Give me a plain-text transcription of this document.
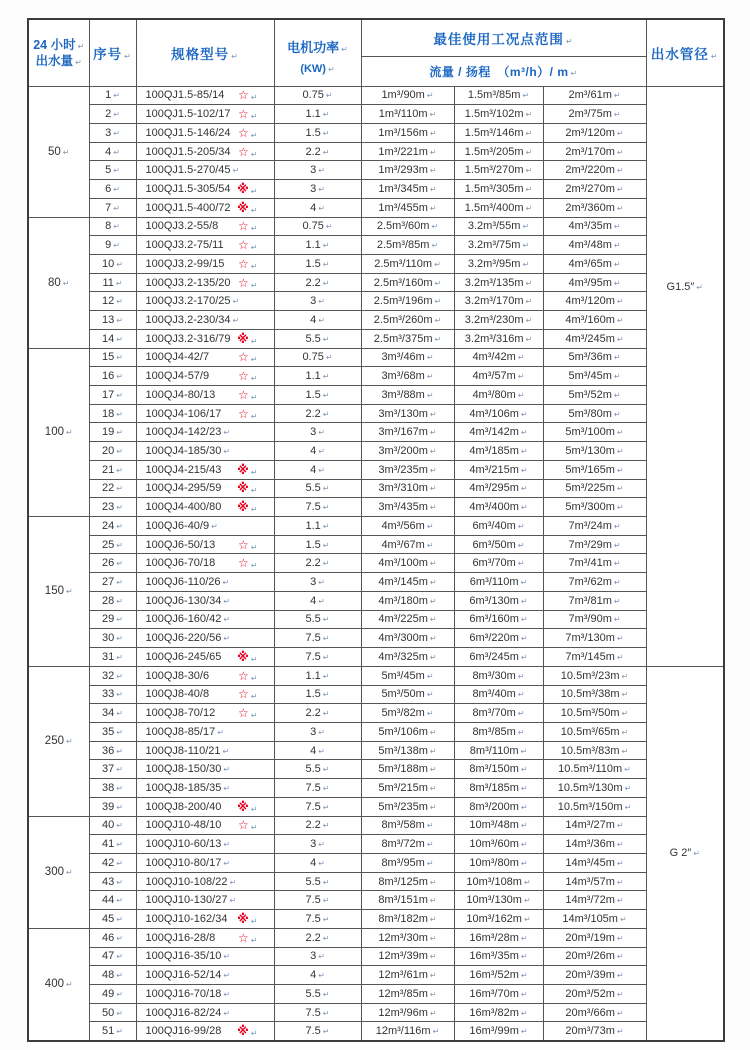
24 小时 ↵
出水量 ↵	序号 ↵	规格型号 ↵	电机功率 ↵
(KW) ↵	最佳使用工况点范围 ↵			出水管径 ↵
				流量 / 扬程　（m³/h）/ m ↵			
50 ↵	1 ↵	100QJ1.5-85/14 ☆ ↵	0.75 ↵	1m³/90m ↵	1.5m³/85m ↵	2m³/61m ↵	G1.5″ ↵

	2 ↵	100QJ1.5-102/17 ☆ ↵	1.1 ↵	1m³/110m ↵	1.5m³/102m ↵	2m³/75m ↵	
	3 ↵	100QJ1.5-146/24 ☆ ↵	1.5 ↵	1m³/156m ↵	1.5m³/146m ↵	2m³/120m ↵	
	4 ↵	100QJ1.5-205/34 ☆ ↵	2.2 ↵	1m³/221m ↵	1.5m³/205m ↵	2m³/170m ↵	
	5 ↵	100QJ1.5-270/45 ↵	3 ↵	1m³/293m ↵	1.5m³/270m ↵	2m³/220m ↵	
	6 ↵	100QJ1.5-305/54 ※ ↵	3 ↵	1m³/345m ↵	1.5m³/305m ↵	2m³/270m ↵	
	7 ↵	100QJ1.5-400/72 ※ ↵	4 ↵	1m³/455m ↵	1.5m³/400m ↵	2m³/360m ↵	
80 ↵	8 ↵	100QJ3.2-55/8 ☆ ↵	0.75 ↵	2.5m³/60m ↵	3.2m³/55m ↵	4m³/35m ↵	
	9 ↵	100QJ3.2-75/11 ☆ ↵	1.1 ↵	2.5m³/85m ↵	3.2m³/75m ↵	4m³/48m ↵	
	10 ↵	100QJ3.2-99/15 ☆ ↵	1.5 ↵	2.5m³/110m ↵	3.2m³/95m ↵	4m³/65m ↵	
	11 ↵	100QJ3.2-135/20 ☆ ↵	2.2 ↵	2.5m³/160m ↵	3.2m³/135m ↵	4m³/95m ↵	
	12 ↵	100QJ3.2-170/25 ↵	3 ↵	2.5m³/196m ↵	3.2m³/170m ↵	4m³/120m ↵	
	13 ↵	100QJ3.2-230/34 ↵	4 ↵	2.5m³/260m ↵	3.2m³/230m ↵	4m³/160m ↵	
	14 ↵	100QJ3.2-316/79 ※ ↵	5.5 ↵	2.5m³/375m ↵	3.2m³/316m ↵	4m³/245m ↵	
100 ↵	15 ↵	100QJ4-42/7 ☆ ↵	0.75 ↵	3m³/46m ↵	4m³/42m ↵	5m³/36m ↵	
	16 ↵	100QJ4-57/9 ☆ ↵	1.1 ↵	3m³/68m ↵	4m³/57m ↵	5m³/45m ↵	
	17 ↵	100QJ4-80/13 ☆ ↵	1.5 ↵	3m³/88m ↵	4m³/80m ↵	5m³/52m ↵	
	18 ↵	100QJ4-106/17 ☆ ↵	2.2 ↵	3m³/130m ↵	4m³/106m ↵	5m³/80m ↵	
	19 ↵	100QJ4-142/23 ↵	3 ↵	3m³/167m ↵	4m³/142m ↵	5m³/100m ↵	
	20 ↵	100QJ4-185/30 ↵	4 ↵	3m³/200m ↵	4m³/185m ↵	5m³/130m ↵	
	21 ↵	100QJ4-215/43 ※ ↵	4 ↵	3m³/235m ↵	4m³/215m ↵	5m³/165m ↵	
	22 ↵	100QJ4-295/59 ※ ↵	5.5 ↵	3m³/310m ↵	4m³/295m ↵	5m³/225m ↵	
	23 ↵	100QJ4-400/80 ※ ↵	7.5 ↵	3m³/435m ↵	4m³/400m ↵	5m³/300m ↵	
150 ↵	24 ↵	100QJ6-40/9 ↵	1.1 ↵	4m³/56m ↵	6m³/40m ↵	7m³/24m ↵	
	25 ↵	100QJ6-50/13 ☆ ↵	1.5 ↵	4m³/67m ↵	6m³/50m ↵	7m³/29m ↵	
	26 ↵	100QJ6-70/18 ☆ ↵	2.2 ↵	4m³/100m ↵	6m³/70m ↵	7m³/41m ↵	
	27 ↵	100QJ6-110/26 ↵	3 ↵	4m³/145m ↵	6m³/110m ↵	7m³/62m ↵	
	28 ↵	100QJ6-130/34 ↵	4 ↵	4m³/180m ↵	6m³/130m ↵	7m³/81m ↵	
	29 ↵	100QJ6-160/42 ↵	5.5 ↵	4m³/225m ↵	6m³/160m ↵	7m³/90m ↵	
	30 ↵	100QJ6-220/56 ↵	7.5 ↵	4m³/300m ↵	6m³/220m ↵	7m³/130m ↵	
	31 ↵	100QJ6-245/65 ※ ↵	7.5 ↵	4m³/325m ↵	6m³/245m ↵	7m³/145m ↵	
250 ↵	32 ↵	100QJ8-30/6 ☆ ↵	1.1 ↵	5m³/45m ↵	8m³/30m ↵	10.5m³/23m ↵	G 2″ ↵
	33 ↵	100QJ8-40/8 ☆ ↵	1.5 ↵	5m³/50m ↵	8m³/40m ↵	10.5m³/38m ↵	
	34 ↵	100QJ8-70/12 ☆ ↵	2.2 ↵	5m³/82m ↵	8m³/70m ↵	10.5m³/50m ↵	
	35 ↵	100QJ8-85/17 ↵	3 ↵	5m³/106m ↵	8m³/85m ↵	10.5m³/65m ↵	
	36 ↵	100QJ8-110/21 ↵	4 ↵	5m³/138m ↵	8m³/110m ↵	10.5m³/83m ↵	
	37 ↵	100QJ8-150/30 ↵	5.5 ↵	5m³/188m ↵	8m³/150m ↵	10.5m³/110m ↵	
	38 ↵	100QJ8-185/35 ↵	7.5 ↵	5m³/215m ↵	8m³/185m ↵	10.5m³/130m ↵	
	39 ↵	100QJ8-200/40 ※ ↵	7.5 ↵	5m³/235m ↵	8m³/200m ↵	10.5m³/150m ↵	
300 ↵	40 ↵	100QJ10-48/10 ☆ ↵	2.2 ↵	8m³/58m ↵	10m³/48m ↵	14m³/27m ↵	
	41 ↵	100QJ10-60/13 ↵	3 ↵	8m³/72m ↵	10m³/60m ↵	14m³/36m ↵	
	42 ↵	100QJ10-80/17 ↵	4 ↵	8m³/95m ↵	10m³/80m ↵	14m³/45m ↵	
	43 ↵	100QJ10-108/22 ↵	5.5 ↵	8m³/125m ↵	10m³/108m ↵	14m³/57m ↵	
	44 ↵	100QJ10-130/27 ↵	7.5 ↵	8m³/151m ↵	10m³/130m ↵	14m³/72m ↵	
	45 ↵	100QJ10-162/34 ※ ↵	7.5 ↵	8m³/182m ↵	10m³/162m ↵	14m³/105m ↵	
400 ↵	46 ↵	100QJ16-28/8 ☆ ↵	2.2 ↵	12m³/30m ↵	16m³/28m ↵	20m³/19m ↵	
	47 ↵	100QJ16-35/10 ↵	3 ↵	12m³/39m ↵	16m³/35m ↵	20m³/26m ↵	
	48 ↵	100QJ16-52/14 ↵	4 ↵	12m³/61m ↵	16m³/52m ↵	20m³/39m ↵	
	49 ↵	100QJ16-70/18 ↵	5.5 ↵	12m³/85m ↵	16m³/70m ↵	20m³/52m ↵	
	50 ↵	100QJ16-82/24 ↵	7.5 ↵	12m³/96m ↵	16m³/82m ↵	20m³/66m ↵	
	51 ↵	100QJ16-99/28 ※ ↵	7.5 ↵	12m³/116m ↵	16m³/99m ↵	20m³/73m ↵	
